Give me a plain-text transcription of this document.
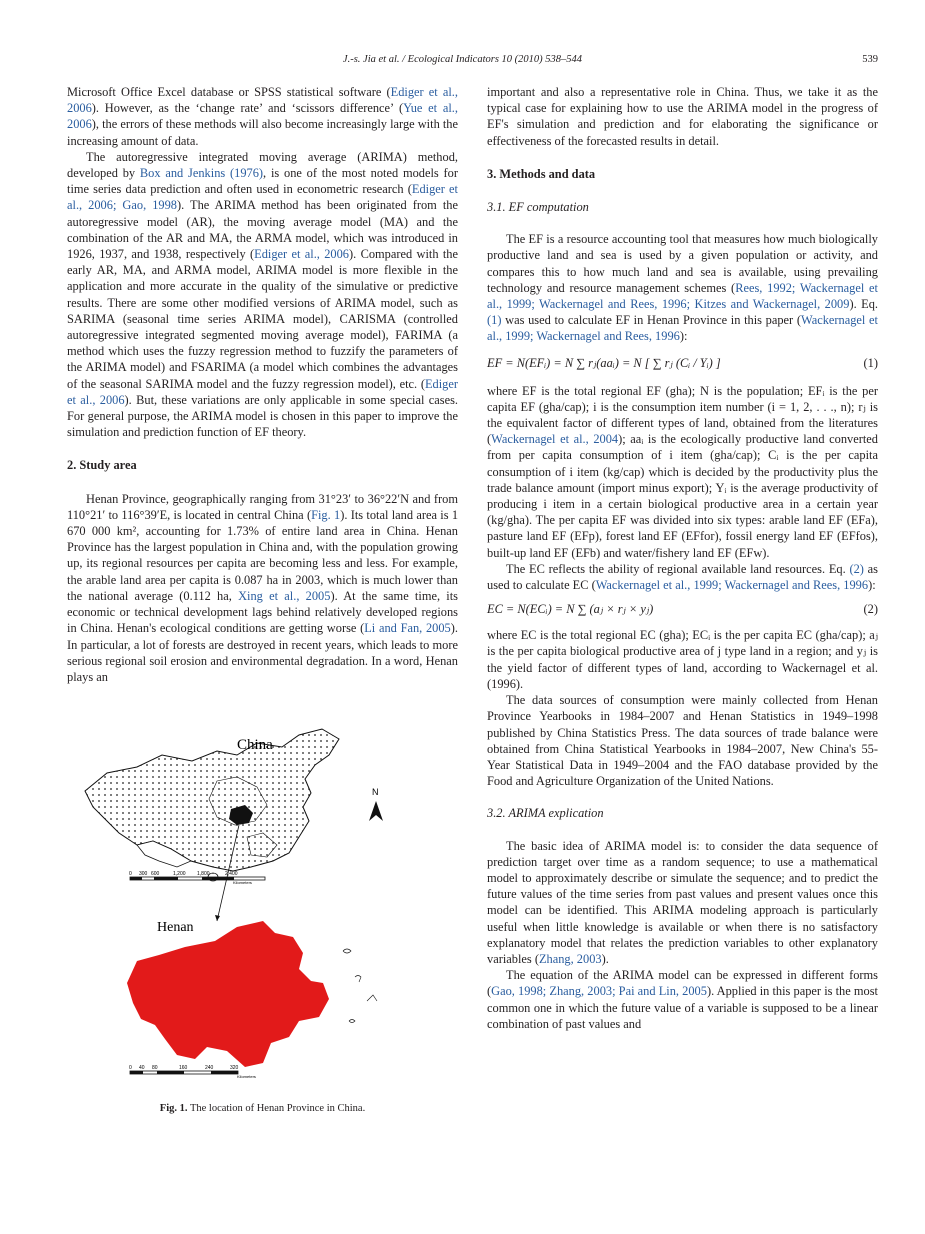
J.-s. Jia et al. / Ecological Indicators 10 (2010) 538–544	539

Microsoft Office Excel database or SPSS statistical software (Ediger et al., 2006). However, as the ‘change rate’ and ‘scissors difference’ (Yue et al., 2006), the errors of these methods will also become increasingly large with the increasing amount of data.

The autoregressive integrated moving average (ARIMA) method, developed by Box and Jenkins (1976), is one of the most noted models for time series data prediction and often used in econometric research (Ediger et al., 2006; Gao, 1998). The ARIMA method has been originated from the autoregressive model (AR), the moving average model (MA) and the combination of the AR and MA, the ARMA model, which was introduced in 1926, 1937, and 1938, respectively (Ediger et al., 2006). Compared with the early AR, MA, and ARMA model, ARIMA model is more flexible in the application and more accurate in the quality of the simulative or predictive results. There are some other modified versions of ARIMA model, such as SARIMA (seasonal time series ARIMA model), CARISMA (controlled autoregressive integrated segmented moving average model), FARIMA (a method which uses the fuzzy regression method to fuzzify the parameters of the ARIMA model) and FSARIMA (a model which combines the advantages of the seasonal SARIMA model and the fuzzy regression model), etc. (Ediger et al., 2006). But, these variations are only applicable in some special cases. For general purpose, the ARIMA model is chosen in this paper to improve the simulation and prediction function of EF theory.

2. Study area

Henan Province, geographically ranging from 31°23′ to 36°22′N and from 110°21′ to 116°39′E, is located in central China (Fig. 1). Its total land area is 1 670 000 km², accounting for 1.73% of entire land area in China. Henan Province has the largest population in China and, with the population growing up, its regional resources per capita are becoming less and less. For example, the arable land area per capita is 0.087 ha in 2003, which is much lower than the national average (0.112 ha, Xing et al., 2005). At the same time, its economic or technical development lags behind relatively developed regions in China. Henan's ecological conditions are getting worse (Li and Fan, 2005). In particular, a lot of forests are destroyed in recent years, which leads to more serious regional soil erosion and environmental degradation. In a word, Henan plays an

China
N
0 300 600	1,200 1,800	2,400
Kilometers
Henan
0 40 80	160	240	320
Kilometers
Fig. 1. The location of Henan Province in China.

important and also a representative role in China. Thus, we take it as the typical case for explaining how to use the ARIMA model in the progress of EF's simulation and prediction and for elaborating the significance or effectiveness of the forecasted results in detail.

3. Methods and data
3.1. EF computation

The EF is a resource accounting tool that measures how much biologically productive land and sea is used by a given population or activity, and compares this to how much land and sea is available, using prevailing technology and resource management schemes (Rees, 1992; Wackernagel et al., 1999; Wackernagel and Rees, 1996; Kitzes and Wackernagel, 2009). Eq. (1) was used to calculate EF in Henan Province in this paper (Wackernagel et al., 1999; Wackernagel and Rees, 1996):

EF = N(EFᵢ) = N ∑ rⱼ(aaᵢ) = N [ ∑ rⱼ (Cᵢ / Yᵢ) ]	(1)

where EF is the total regional EF (gha); N is the population; EFᵢ is the per capita EF (gha/cap); i is the consumption item number (i = 1, 2, . . ., n); rⱼ is the equivalent factor of different types of land, obtained from the literatures (Wackernagel et al., 2004); aaᵢ is the ecologically productive land converted from per capita consumption of i item (gha/cap); Cᵢ is the per capita consumption of i item (kg/cap) which is decided by the productivity plus the trade balance amount (import minus export); Yᵢ is the average productivity of producing i item in a certain biological productive area in a certain year (kg/gha). The per capita EF was divided into six types: arable land EF (EFa), pasture land EF (EFp), forest land EF (EFfor), fossil energy land EF (EFfos), built-up land EF (EFb) and water/fishery land EF (EFw).

The EC reflects the ability of regional available land resources. Eq. (2) as used to calculate EC (Wackernagel et al., 1999; Wackernagel and Rees, 1996):

EC = N(ECᵢ) = N ∑ (aⱼ × rⱼ × yⱼ)	(2)

where EC is the total regional EC (gha); ECᵢ is the per capita EC (gha/cap); aⱼ is the per capita biological productive area of j type land in a region; and yⱼ is the yield factor of different types of land, according to Wackernagel et al. (1996).

The data sources of consumption were mainly collected from Henan Province Yearbooks in 1984–2007 and Henan Statistics in 1949–1998 published by China Statistics Press. The data sources of trade balance were obtained from China Statistical Yearbooks in 1984–2007, New China's 55-Year Statistical Data in 1949–2004 and the FAO database provided by the Food and Agriculture Organization of the United Nations.

3.2. ARIMA explication

The basic idea of ARIMA model is: to consider the data sequence of prediction target over time as a random sequence; to use a mathematical model to approximately describe or simulate the sequence; and to predict the future values of the time series from past values and present values once this model can be identified. This ARIMA modeling approach is particularly useful when little knowledge is available or when there is no satisfactory explanatory model that relates the prediction variables to other explanatory variables (Zhang, 2003).

The equation of the ARIMA model can be expressed in different forms (Gao, 1998; Zhang, 2003; Pai and Lin, 2005). Applied in this paper is the most common one in which the future value of a variable is supposed to be a linear combination of past values and
